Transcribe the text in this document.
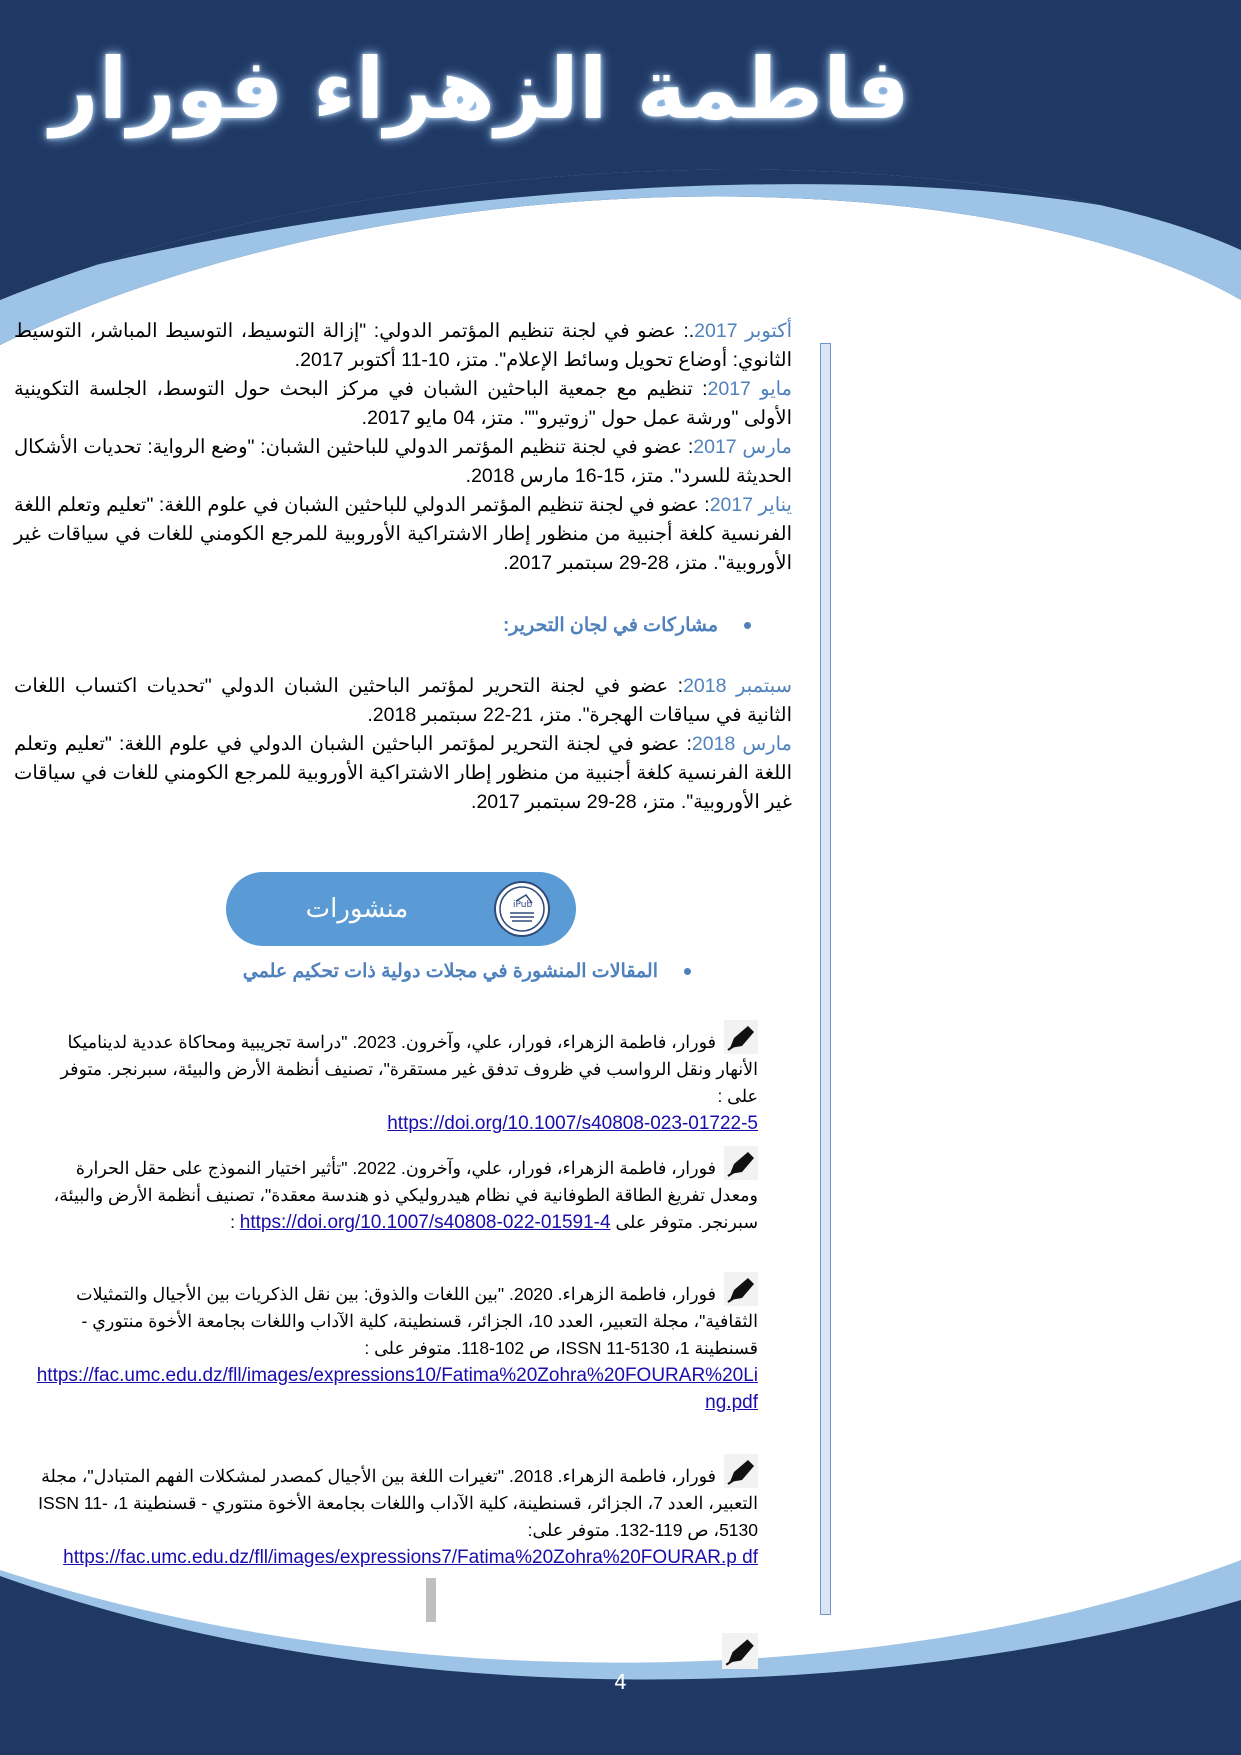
فاطمة الزهراء فورار

أكتوبر 2017.: عضو في لجنة تنظيم المؤتمر الدولي: "إزالة التوسيط، التوسيط المباشر، التوسيط الثانوي: أوضاع تحويل وسائط الإعلام". متز، 10-11 أكتوبر 2017.

مايو 2017: تنظيم مع جمعية الباحثين الشبان في مركز البحث حول التوسط، الجلسة التكوينية الأولى "ورشة عمل حول "زوتيرو"". متز، 04 مايو 2017.

مارس 2017: عضو في لجنة تنظيم المؤتمر الدولي للباحثين الشبان: "وضع الرواية: تحديات الأشكال الحديثة للسرد". متز، 15-16 مارس 2018.

يناير 2017: عضو في لجنة تنظيم المؤتمر الدولي للباحثين الشبان في علوم اللغة: "تعليم وتعلم اللغة الفرنسية كلغة أجنبية من منظور إطار الاشتراكية الأوروبية للمرجع الكومني للغات في سياقات غير الأوروبية". متز، 28-29 سبتمبر 2017.

مشاركات في لجان التحرير:

سبتمبر 2018: عضو في لجنة التحرير لمؤتمر الباحثين الشبان الدولي "تحديات اكتساب اللغات الثانية في سياقات الهجرة". متز، 21-22 سبتمبر 2018.

مارس 2018: عضو في لجنة التحرير لمؤتمر الباحثين الشبان الدولي في علوم اللغة: "تعليم وتعلم اللغة الفرنسية كلغة أجنبية من منظور إطار الاشتراكية الأوروبية للمرجع الكومني للغات في سياقات غير الأوروبية". متز، 28-29 سبتمبر 2017.

منشورات	iPub
المقالات المنشورة في مجلات دولية ذات تحكيم علمي
فورار، فاطمة الزهراء، فورار، علي، وآخرون. 2023. "دراسة تجريبية ومحاكاة عددية لديناميكا الأنهار ونقل الرواسب في ظروف تدفق غير مستقرة"، تصنيف أنظمة الأرض والبيئة، سبرنجر. متوفر على :
https://doi.org/10.1007/s40808-023-01722-5
فورار، فاطمة الزهراء، فورار، علي، وآخرون. 2022. "تأثير اختيار النموذج على حقل الحرارة ومعدل تفريغ الطاقة الطوفانية في نظام هيدروليكي ذو هندسة معقدة"، تصنيف أنظمة الأرض والبيئة، سبرنجر. متوفر على https://doi.org/10.1007/s40808-022-01591-4 :
فورار، فاطمة الزهراء. 2020. "بين اللغات والذوق: بين نقل الذكريات بين الأجيال والتمثيلات الثقافية"، مجلة التعبير، العدد 10، الجزائر، قسنطينة، كلية الآداب واللغات بجامعة الأخوة منتوري - قسنطينة 1، ISSN 11-5130، ص 102-118. متوفر على :
https://fac.umc.edu.dz/fll/images/expressions10/Fatima%20Zohra%20FOURAR%20Ling.pdf
فورار، فاطمة الزهراء. 2018. "تغيرات اللغة بين الأجيال كمصدر لمشكلات الفهم المتبادل"، مجلة التعبير، العدد 7، الجزائر، قسنطينة، كلية الآداب واللغات بجامعة الأخوة منتوري - قسنطينة 1، ISSN 11-5130، ص 119-132. متوفر على:
https://fac.umc.edu.dz/fll/images/expressions7/Fatima%20Zohra%20FOURAR.p df
4
